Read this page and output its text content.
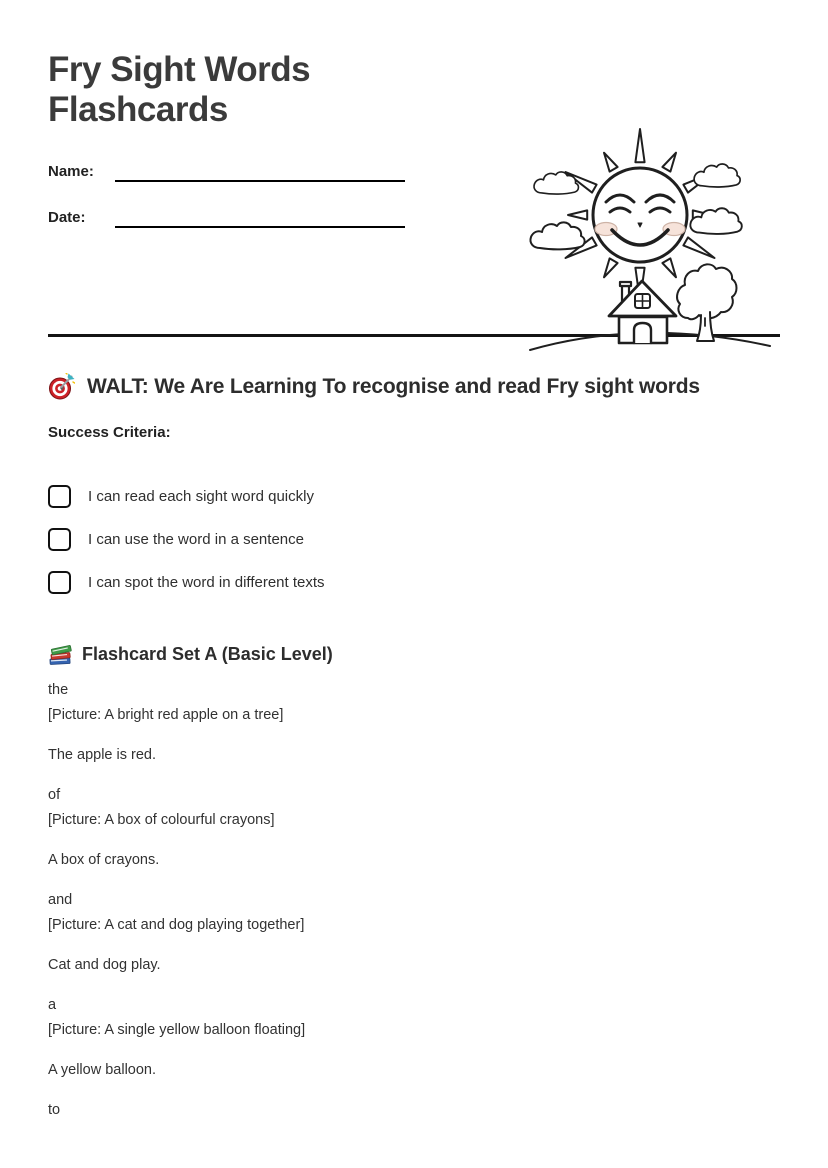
Fry Sight Words Flashcards
Name:
Date:
WALT: We Are Learning To recognise and read Fry sight words

Success Criteria:

I can read each sight word quickly
I can use the word in a sentence
I can spot the word in different texts
Flashcard Set A (Basic Level)

the
[Picture: A bright red apple on a tree]

The apple is red.

of
[Picture: A box of colourful crayons]

A box of crayons.

and
[Picture: A cat and dog playing together]

Cat and dog play.

a
[Picture: A single yellow balloon floating]

A yellow balloon.

to
